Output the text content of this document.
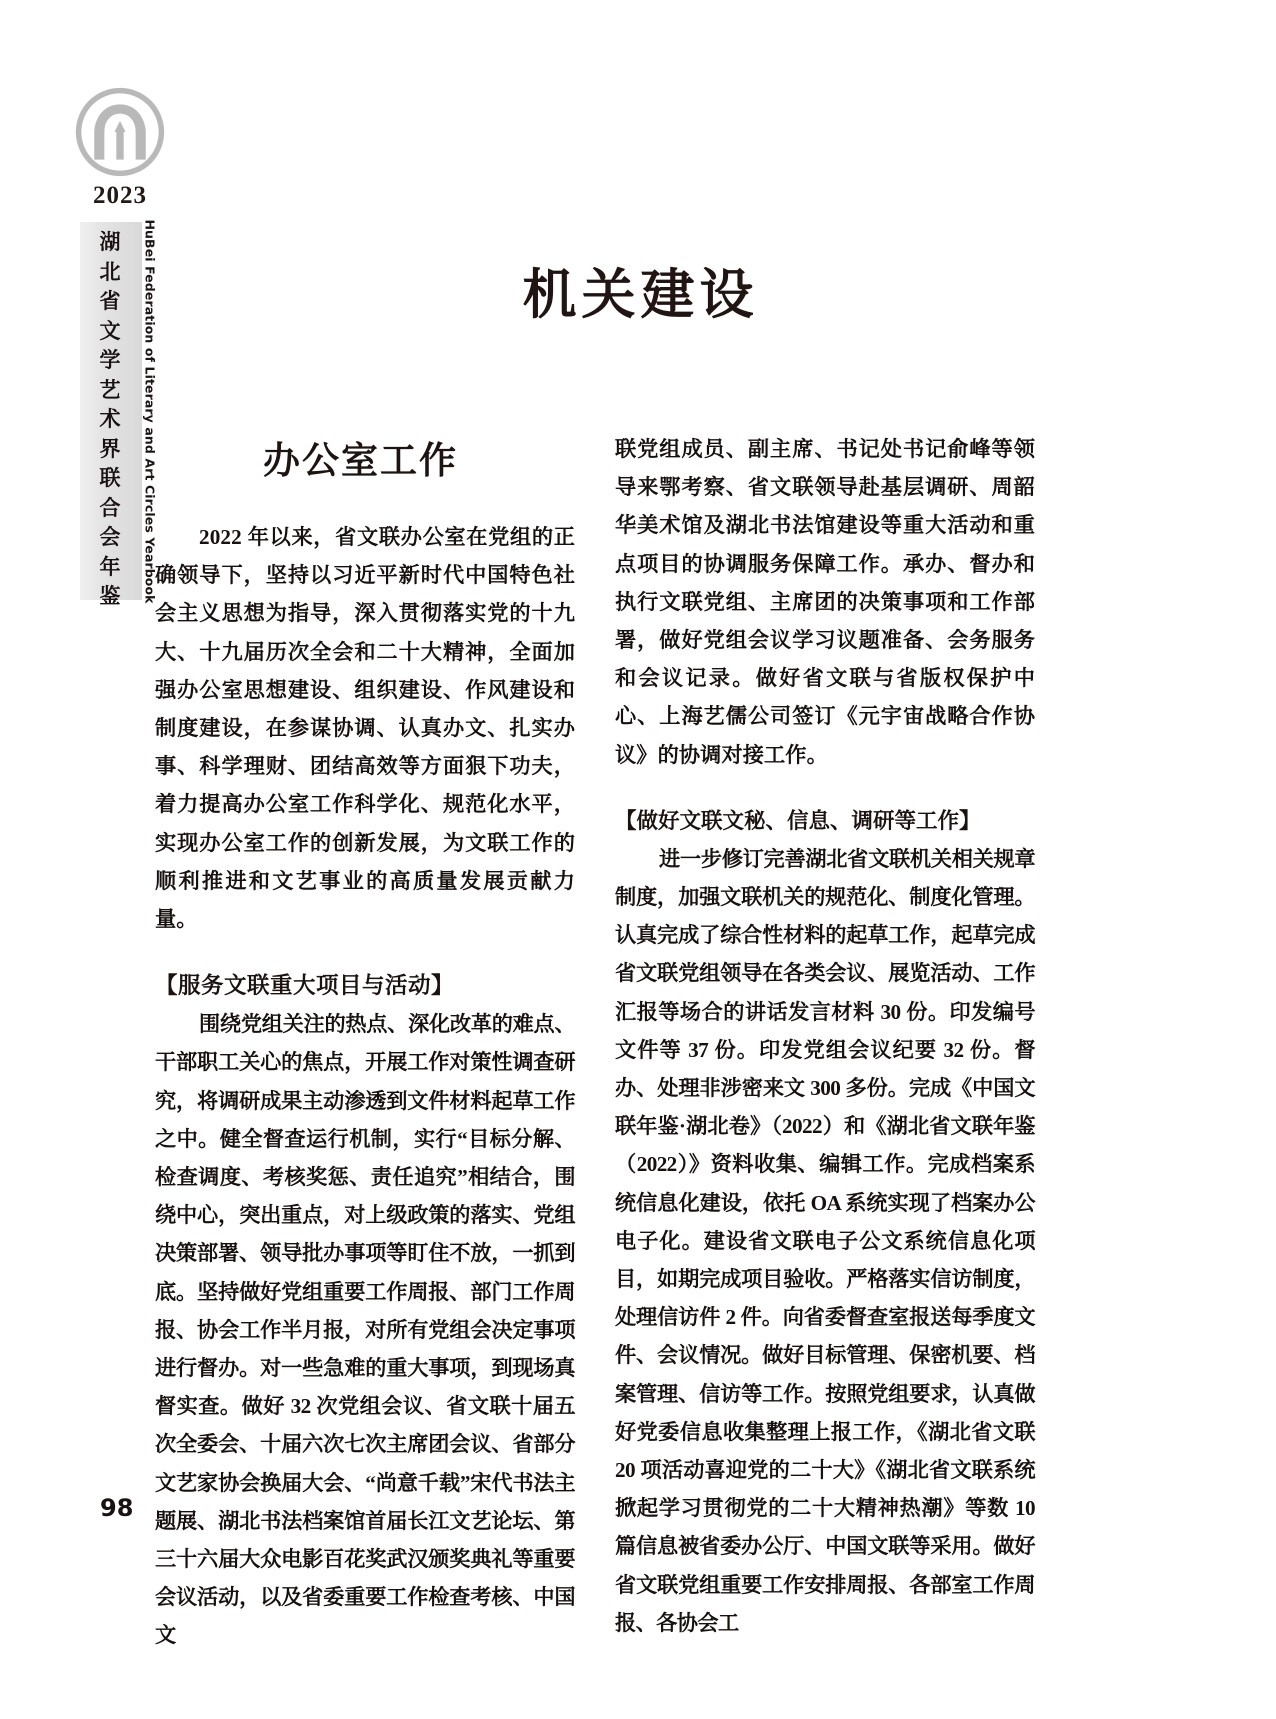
2023
湖
北
省
文
学
艺
术
界
联
合
会
年
鉴 HuBei Federation of Literary and Art Circles Yearbook	机关建设
办公室工作

2022 年以来，省文联办公室在党组的正确领导下，坚持以习近平新时代中国特色社会主义思想为指导，深入贯彻落实党的十九大、十九届历次全会和二十大精神，全面加强办公室思想建设、组织建设、作风建设和制度建设，在参谋协调、认真办文、扎实办事、科学理财、团结高效等方面狠下功夫，着力提高办公室工作科学化、规范化水平，实现办公室工作的创新发展，为文联工作的顺利推进和文艺事业的高质量发展贡献力量。

【服务文联重大项目与活动】

围绕党组关注的热点、深化改革的难点、干部职工关心的焦点，开展工作对策性调查研究，将调研成果主动渗透到文件材料起草工作之中。健全督查运行机制，实行“目标分解、检查调度、考核奖惩、责任追究”相结合，围绕中心，突出重点，对上级政策的落实、党组决策部署、领导批办事项等盯住不放，一抓到底。坚持做好党组重要工作周报、部门工作周报、协会工作半月报，对所有党组会决定事项进行督办。对一些急难的重大事项，到现场真督实查。做好 32 次党组会议、省文联十届五次全委会、十届六次七次主席团会议、省部分文艺家协会换届大会、“尚意千载”宋代书法主题展、湖北书法档案馆首届长江文艺论坛、第三十六届大众电影百花奖武汉颁奖典礼等重要会议活动，以及省委重要工作检查考核、中国文

联党组成员、副主席、书记处书记俞峰等领导来鄂考察、省文联领导赴基层调研、周韶华美术馆及湖北书法馆建设等重大活动和重点项目的协调服务保障工作。承办、督办和执行文联党组、主席团的决策事项和工作部署，做好党组会议学习议题准备、会务服务和会议记录。做好省文联与省版权保护中心、上海艺儒公司签订《元宇宙战略合作协议》的协调对接工作。

【做好文联文秘、信息、调研等工作】

进一步修订完善湖北省文联机关相关规章制度，加强文联机关的规范化、制度化管理。认真完成了综合性材料的起草工作，起草完成省文联党组领导在各类会议、展览活动、工作汇报等场合的讲话发言材料 30 份。印发编号文件等 37 份。印发党组会议纪要 32 份。督办、处理非涉密来文 300 多份。完成《中国文联年鉴·湖北卷》（2022）和《湖北省文联年鉴（2022）》资料收集、编辑工作。完成档案系统信息化建设，依托 OA 系统实现了档案办公电子化。建设省文联电子公文系统信息化项目，如期完成项目验收。严格落实信访制度，处理信访件 2 件。向省委督查室报送每季度文件、会议情况。做好目标管理、保密机要、档案管理、信访等工作。按照党组要求，认真做好党委信息收集整理上报工作，《湖北省文联 20 项活动喜迎党的二十大》《湖北省文联系统掀起学习贯彻党的二十大精神热潮》等数 10 篇信息被省委办公厅、中国文联等采用。做好省文联党组重要工作安排周报、各部室工作周报、各协会工

98
